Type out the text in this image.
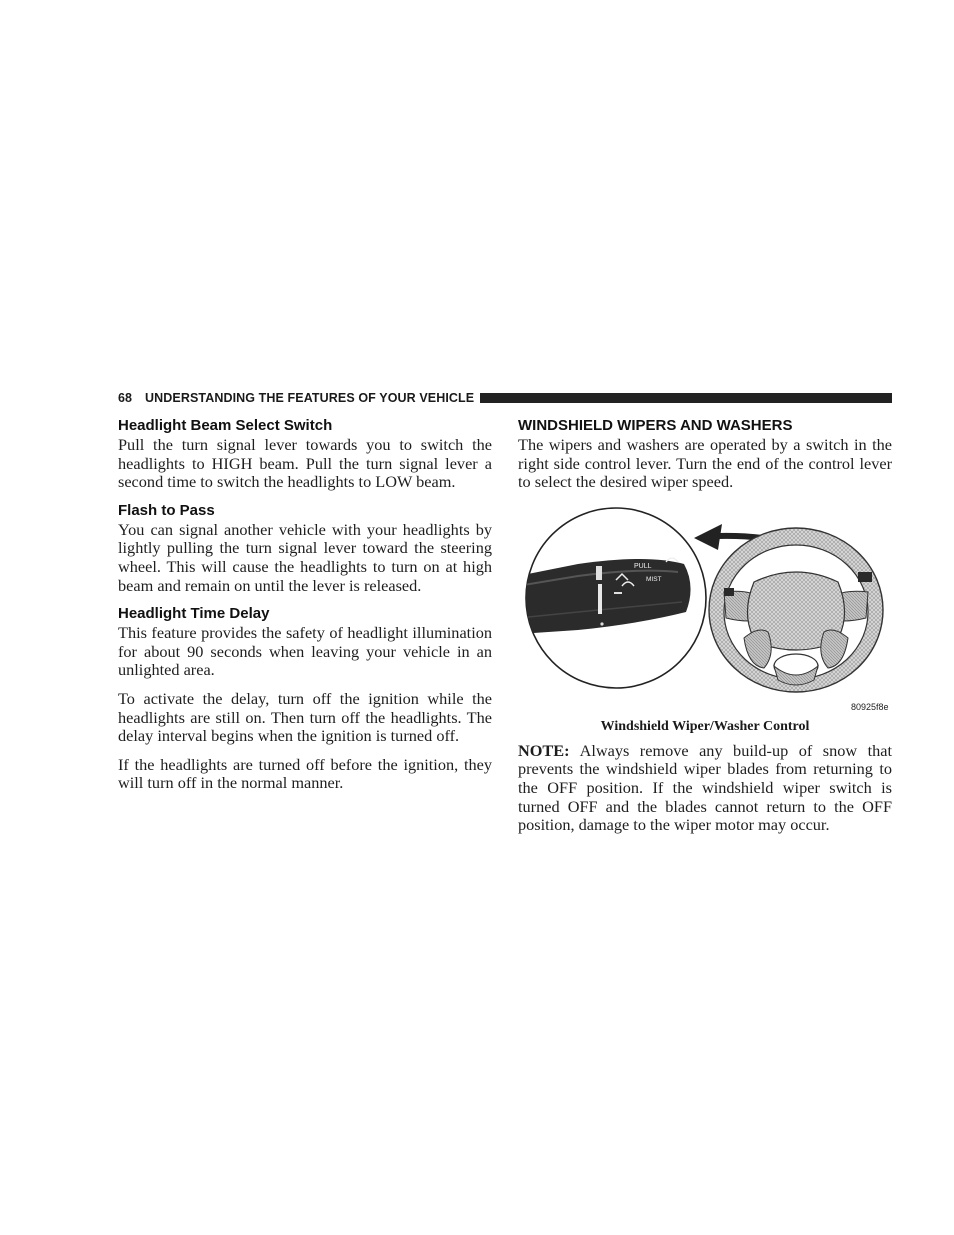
68 UNDERSTANDING THE FEATURES OF YOUR VEHICLE
Headlight Beam Select Switch

Pull the turn signal lever towards you to switch the headlights to HIGH beam. Pull the turn signal lever a second time to switch the headlights to LOW beam.

Flash to Pass

You can signal another vehicle with your headlights by lightly pulling the turn signal lever toward the steering wheel. This will cause the headlights to turn on at high beam and remain on until the lever is released.

Headlight Time Delay

This feature provides the safety of headlight illumination for about 90 seconds when leaving your vehicle in an unlighted area.

To activate the delay, turn off the ignition while the headlights are still on. Then turn off the headlights. The delay interval begins when the ignition is turned off.

If the headlights are turned off before the ignition, they will turn off in the normal manner.

WINDSHIELD WIPERS AND WASHERS

The wipers and washers are operated by a switch in the right side control lever. Turn the end of the control lever to select the desired wiper speed.

PULL
MIST
80925f8e
Windshield Wiper/Washer Control

NOTE: Always remove any build-up of snow that prevents the windshield wiper blades from returning to the OFF position. If the windshield wiper switch is turned OFF and the blades cannot return to the OFF position, damage to the wiper motor may occur.
